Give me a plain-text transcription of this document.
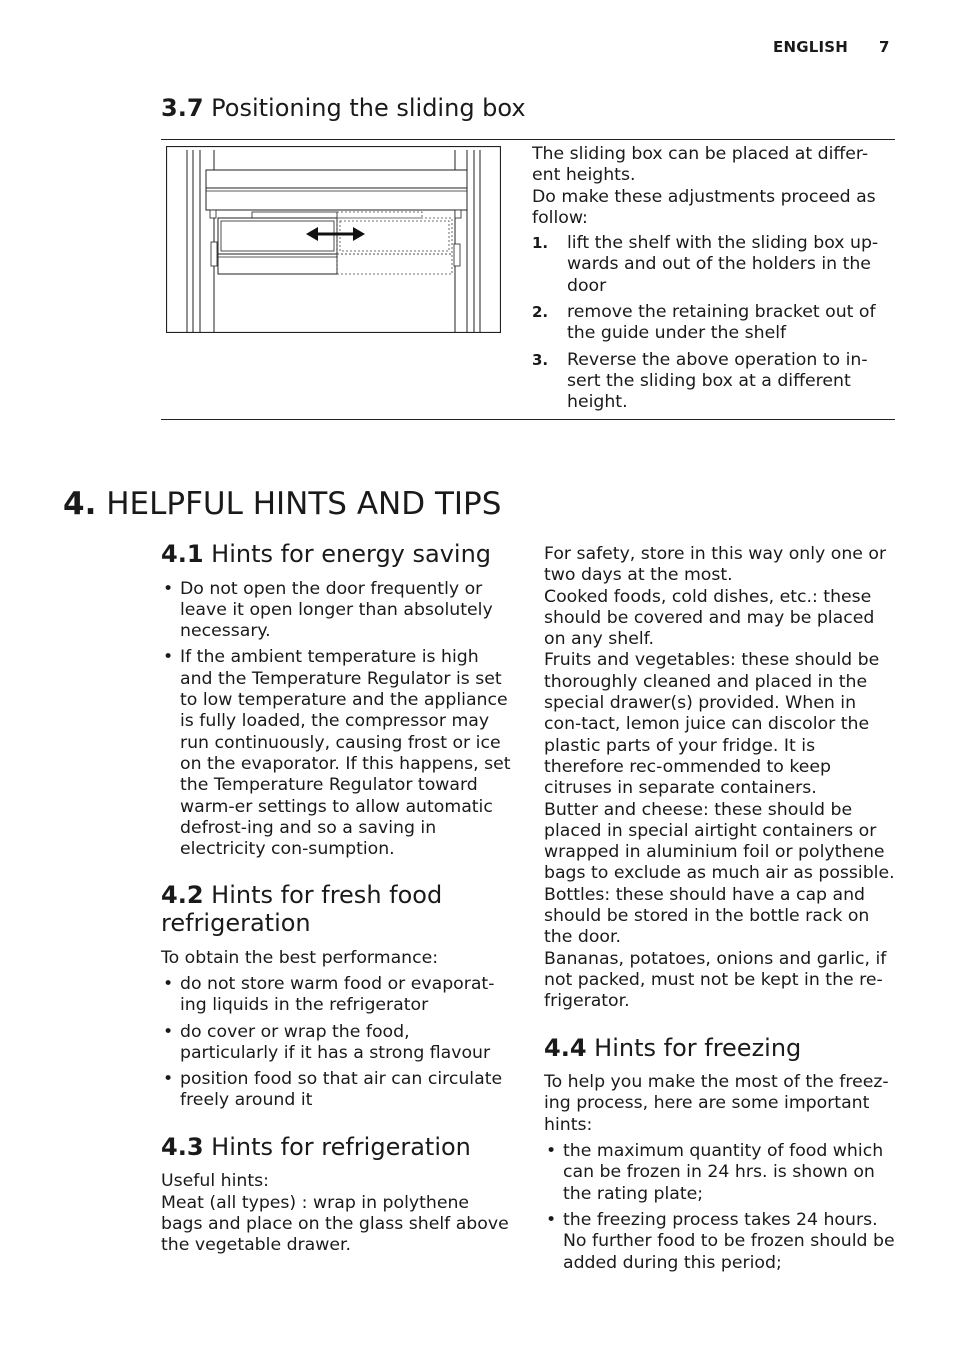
ENGLISH 7
3.7 Positioning the sliding box

The sliding box can be placed at differ-ent heights.

Do make these adjustments proceed as follow:

1. lift the shelf with the sliding box up-wards and out of the holders in the door
2. remove the retaining bracket out of the guide under the shelf
3. Reverse the above operation to in-sert the sliding box at a different height.
4. HELPFUL HINTS AND TIPS
4.1 Hints for energy saving
• Do not open the door frequently or leave it open longer than absolutely necessary.
• If the ambient temperature is high and the Temperature Regulator is set to low temperature and the appliance is fully loaded, the compressor may run continuously, causing frost or ice on the evaporator. If this happens, set the Temperature Regulator toward warm-er settings to allow automatic defrost-ing and so a saving in electricity con-sumption.
4.2 Hints for fresh food refrigeration

To obtain the best performance:

• do not store warm food or evaporat-ing liquids in the refrigerator
• do cover or wrap the food, particularly if it has a strong flavour
• position food so that air can circulate freely around it
4.3 Hints for refrigeration

Useful hints:

Meat (all types) : wrap in polythene bags and place on the glass shelf above the vegetable drawer.

For safety, store in this way only one or two days at the most.

Cooked foods, cold dishes, etc.: these should be covered and may be placed on any shelf.

Fruits and vegetables: these should be thoroughly cleaned and placed in the special drawer(s) provided. When in con-tact, lemon juice can discolor the plastic parts of your fridge. It is therefore rec-ommended to keep citruses in separate containers.

Butter and cheese: these should be placed in special airtight containers or wrapped in aluminium foil or polythene bags to exclude as much air as possible.

Bottles: these should have a cap and should be stored in the bottle rack on the door.

Bananas, potatoes, onions and garlic, if not packed, must not be kept in the re-frigerator.

4.4 Hints for freezing

To help you make the most of the freez-ing process, here are some important hints:

• the maximum quantity of food which can be frozen in 24 hrs. is shown on the rating plate;
• the freezing process takes 24 hours. No further food to be frozen should be added during this period;
